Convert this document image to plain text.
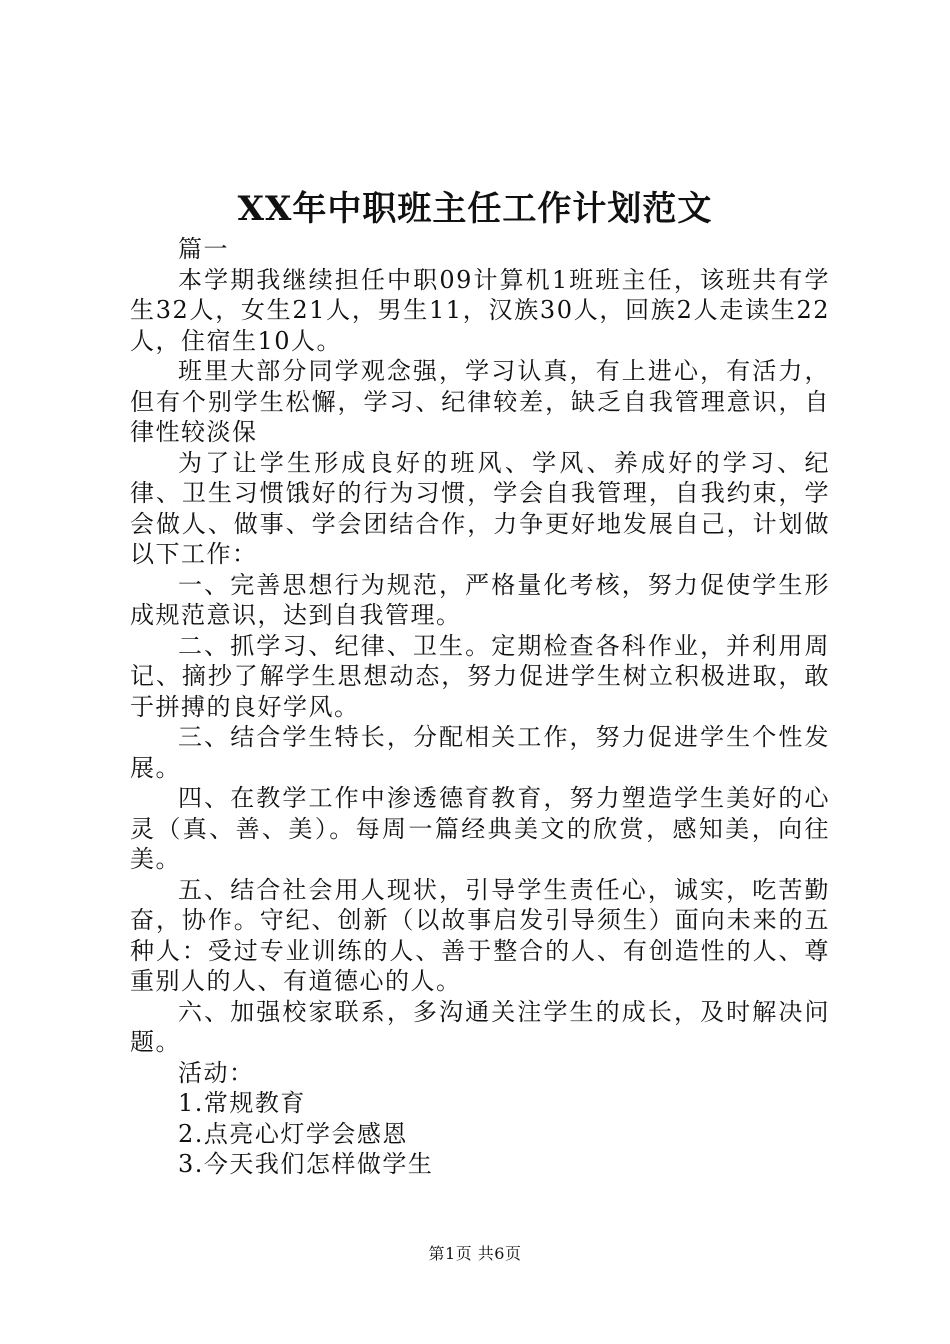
XX年中职班主任工作计划范文

篇一

本学期我继续担任中职09计算机1班班主任，该班共有学生32人，女生21人，男生11，汉族30人，回族2人走读生22人，住宿生10人。

班里大部分同学观念强，学习认真，有上进心，有活力，但有个别学生松懈，学习、纪律较差，缺乏自我管理意识，自律性较淡保

为了让学生形成良好的班风、学风、养成好的学习、纪律、卫生习惯饿好的行为习惯，学会自我管理，自我约束，学会做人、做事、学会团结合作，力争更好地发展自己，计划做以下工作：

一、完善思想行为规范，严格量化考核，努力促使学生形成规范意识，达到自我管理。

二、抓学习、纪律、卫生。定期检查各科作业，并利用周记、摘抄了解学生思想动态，努力促进学生树立积极进取，敢于拼搏的良好学风。

三、结合学生特长，分配相关工作，努力促进学生个性发展。

四、在教学工作中渗透德育教育，努力塑造学生美好的心灵（真、善、美）。每周一篇经典美文的欣赏，感知美，向往美。

五、结合社会用人现状，引导学生责任心，诚实，吃苦勤奋，协作。守纪、创新（以故事启发引导须生）面向未来的五种人：受过专业训练的人、善于整合的人、有创造性的人、尊重别人的人、有道德心的人。

六、加强校家联系，多沟通关注学生的成长，及时解决问题。

活动：

1.常规教育

2.点亮心灯学会感恩

3.今天我们怎样做学生

第1页 共6页
